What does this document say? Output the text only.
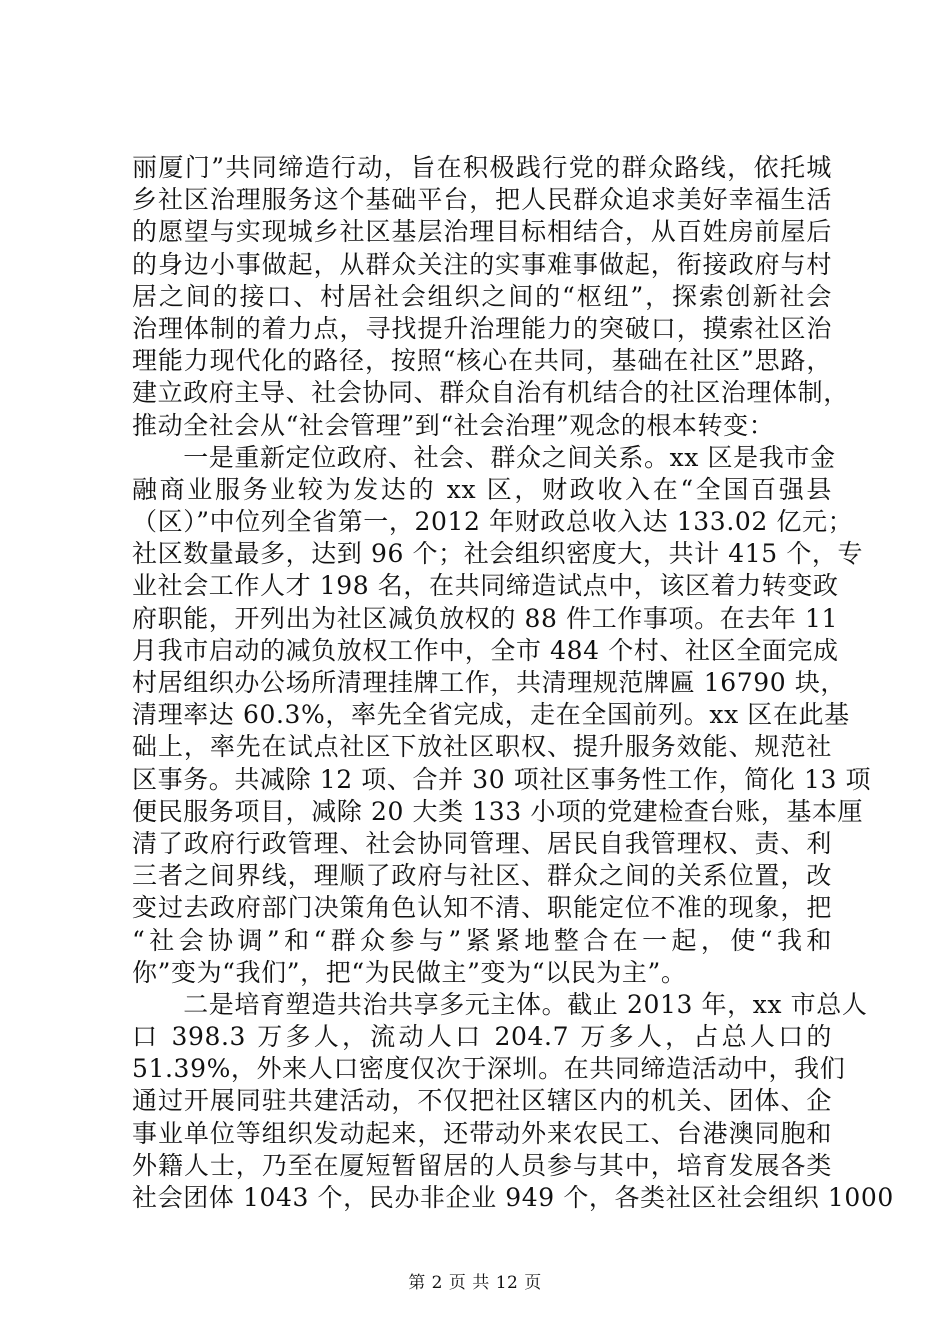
丽厦门”共同缔造行动，旨在积极践行党的群众路线，依托城
乡社区治理服务这个基础平台，把人民群众追求美好幸福生活
的愿望与实现城乡社区基层治理目标相结合，从百姓房前屋后
的身边小事做起，从群众关注的实事难事做起，衔接政府与村
居之间的接口、村居社会组织之间的“枢纽”，探索创新社会
治理体制的着力点，寻找提升治理能力的突破口，摸索社区治
理能力现代化的路径，按照“核心在共同，基础在社区”思路，
建立政府主导、社会协同、群众自治有机结合的社区治理体制，
推动全社会从“社会管理”到“社会治理”观念的根本转变：
　　一是重新定位政府、社会、群众之间关系。xx 区是我市金
融商业服务业较为发达的 xx 区，财政收入在“全国百强县
（区）”中位列全省第一，2012 年财政总收入达 133.02 亿元；
社区数量最多，达到 96 个；社会组织密度大，共计 415 个，专
业社会工作人才 198 名，在共同缔造试点中，该区着力转变政
府职能，开列出为社区减负放权的 88 件工作事项。在去年 11
月我市启动的减负放权工作中，全市 484 个村、社区全面完成
村居组织办公场所清理挂牌工作，共清理规范牌匾 16790 块，
清理率达 60.3%，率先全省完成，走在全国前列。xx 区在此基
础上，率先在试点社区下放社区职权、提升服务效能、规范社
区事务。共减除 12 项、合并 30 项社区事务性工作，简化 13 项
便民服务项目，减除 20 大类 133 小项的党建检查台账，基本厘
清了政府行政管理、社会协同管理、居民自我管理权、责、利
三者之间界线，理顺了政府与社区、群众之间的关系位置，改
变过去政府部门决策角色认知不清、职能定位不准的现象，把
“社会协调”和“群众参与”紧紧地整合在一起，使“我和
你”变为“我们”，把“为民做主”变为“以民为主”。
　　二是培育塑造共治共享多元主体。截止 2013 年，xx 市总人
口 398.3 万多人，流动人口 204.7 万多人，占总人口的
51.39%，外来人口密度仅次于深圳。在共同缔造活动中，我们
通过开展同驻共建活动，不仅把社区辖区内的机关、团体、企
事业单位等组织发动起来，还带动外来农民工、台港澳同胞和
外籍人士，乃至在厦短暂留居的人员参与其中，培育发展各类
社会团体 1043 个，民办非企业 949 个，各类社区社会组织 1000
第 2 页 共 12 页
